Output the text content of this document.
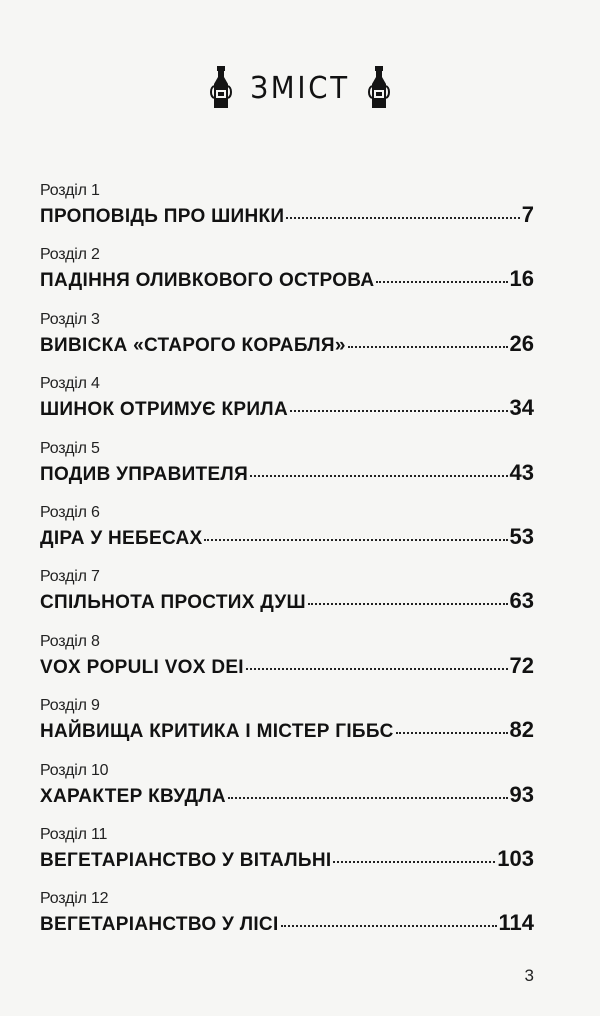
ЗМІСТ
Розділ 1
ПРОПОВІДЬ ПРО ШИНКИ	7
Розділ 2
ПАДІННЯ ОЛИВКОВОГО ОСТРОВА	16
Розділ 3
ВИВІСКА «СТАРОГО КОРАБЛЯ»	26
Розділ 4
ШИНОК ОТРИМУЄ КРИЛА	34
Розділ 5
ПОДИВ УПРАВИТЕЛЯ	43
Розділ 6
ДІРА У НЕБЕСАХ	53
Розділ 7
СПІЛЬНОТА ПРОСТИХ ДУШ	63
Розділ 8
VOX POPULI VOX DEI	72
Розділ 9
НАЙВИЩА КРИТИКА І МІСТЕР ГІББС	82
Розділ 10
ХАРАКТЕР КВУДЛА	93
Розділ 11
ВЕГЕТАРІАНСТВО У ВІТАЛЬНІ	103
Розділ 12
ВЕГЕТАРІАНСТВО У ЛІСІ	114
3
